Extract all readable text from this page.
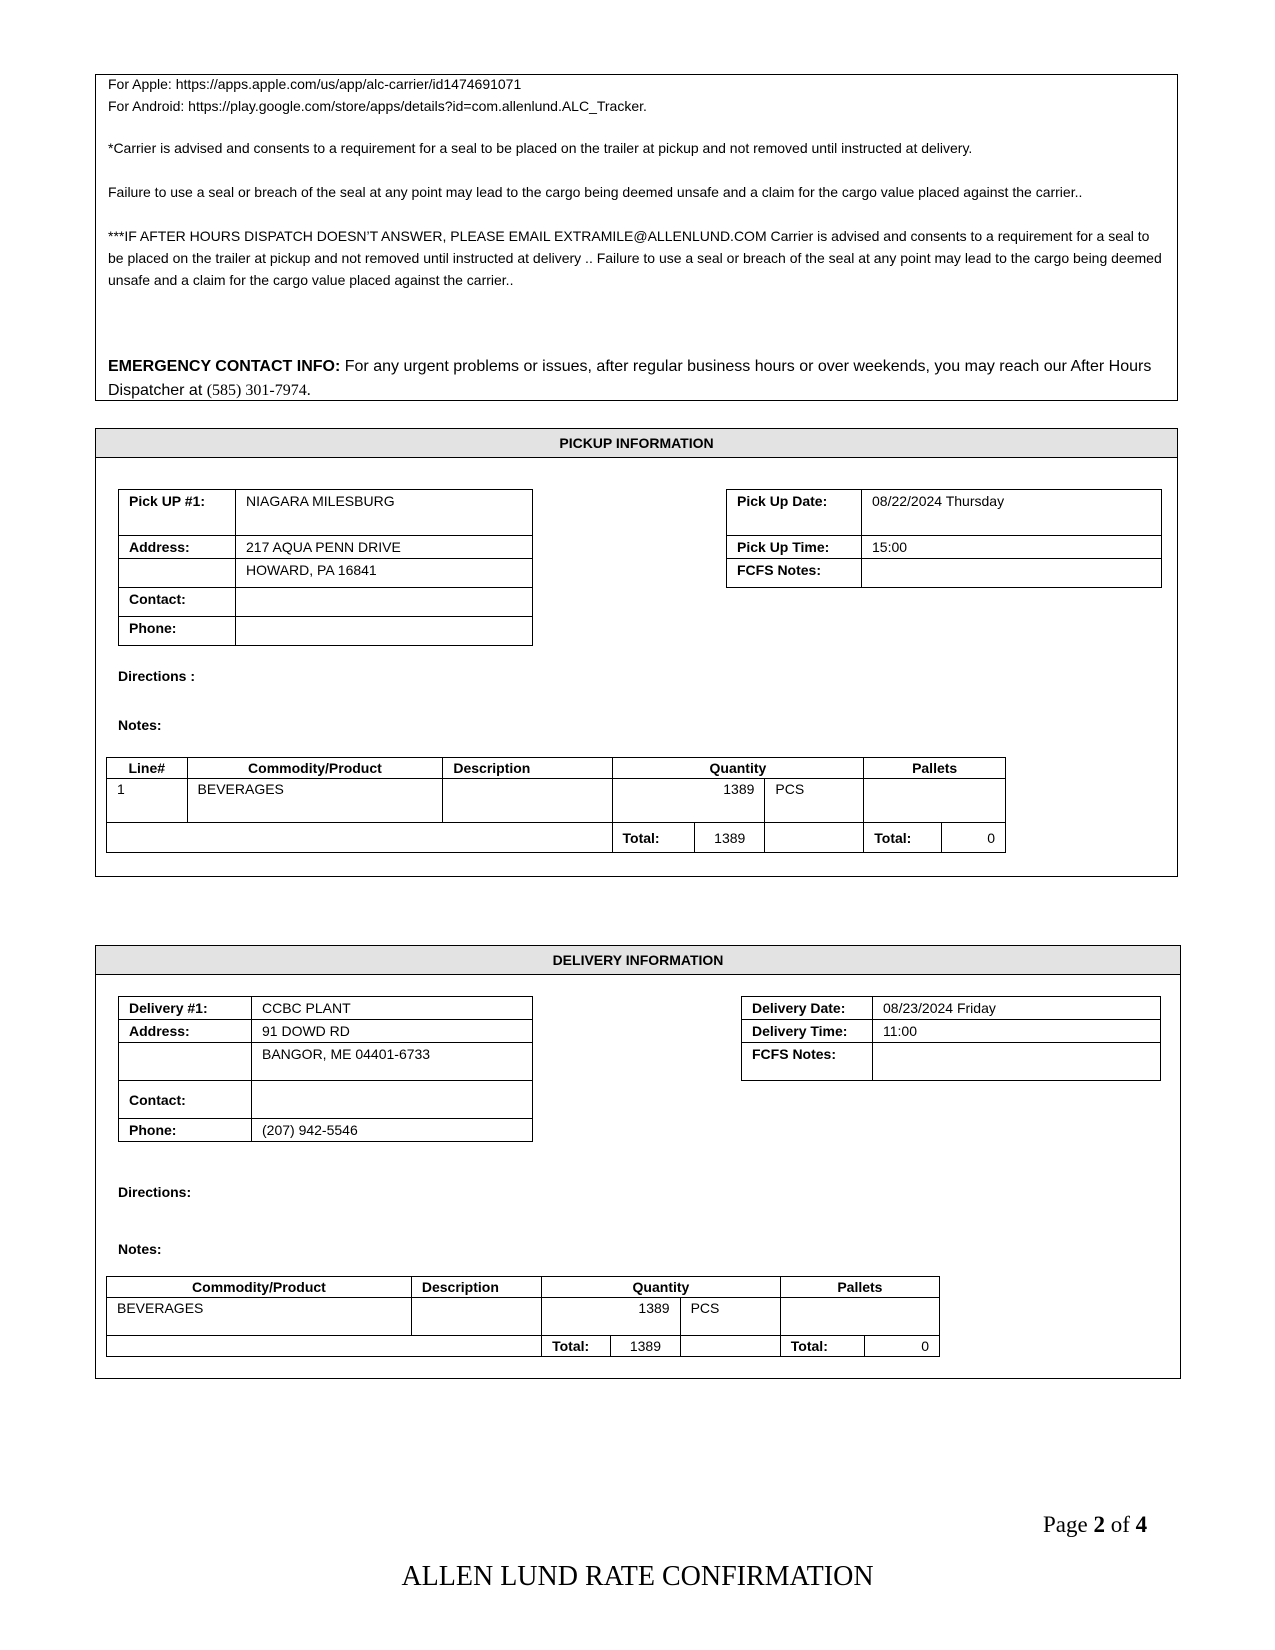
For Apple: https://apps.apple.com/us/app/alc-carrier/id1474691071
For Android: https://play.google.com/store/apps/details?id=com.allenlund.ALC_Tracker.
*Carrier is advised and consents to a requirement for a seal to be placed on the trailer at pickup and not removed until instructed at delivery.
Failure to use a seal or breach of the seal at any point may lead to the cargo being deemed unsafe and a claim for the cargo value placed against the carrier..
***IF AFTER HOURS DISPATCH DOESN’T ANSWER, PLEASE EMAIL EXTRAMILE@ALLENLUND.COM Carrier is advised and consents to a requirement for a seal to be placed on the trailer at pickup and not removed until instructed at delivery .. Failure to use a seal or breach of the seal at any point may lead to the cargo being deemed unsafe and a claim for the cargo value placed against the carrier..
EMERGENCY CONTACT INFO: For any urgent problems or issues, after regular business hours or over weekends, you may reach our After Hours Dispatcher at (585) 301-7974.
PICKUP INFORMATION
Pick UP #1:	NIAGARA MILESBURG
Address:	217 AQUA PENN DRIVE
	HOWARD, PA 16841
Contact:	
Phone:	
Pick Up Date:	08/22/2024 Thursday
Pick Up Time:	15:00
FCFS Notes:	
Directions :
Notes:
Line#	Commodity/Product	Description	Quantity			Pallets	
1	BEVERAGES		1389		PCS		
			Total:	1389		Total:	0
DELIVERY INFORMATION
Delivery #1:	CCBC PLANT
Address:	91 DOWD RD
	BANGOR, ME 04401-6733
Contact:	
Phone:	(207) 942-5546
Delivery Date:	08/23/2024 Friday
Delivery Time:	11:00
FCFS Notes:	
Directions:
Notes:
Commodity/Product	Description	Quantity			Pallets	
BEVERAGES		1389		PCS		
		Total:	1389		Total:	0
Page 2 of 4
ALLEN LUND RATE CONFIRMATION
